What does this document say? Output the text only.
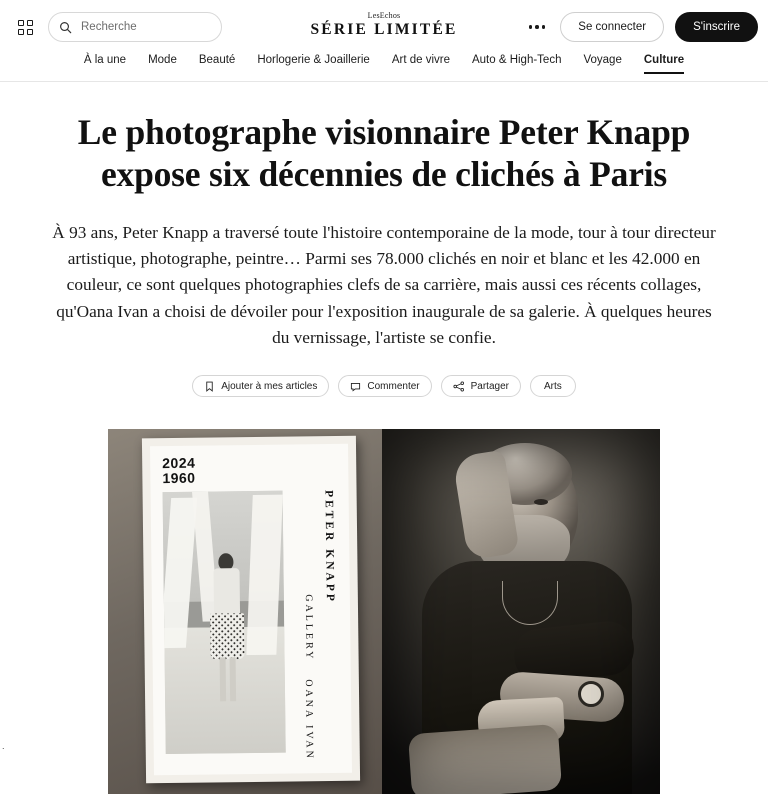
Recherche
LesEchos
SÉRIE LIMITÉE	Se connecter	S'inscrire
À la une Mode Beauté Horlogerie & Joaillerie Art de vivre Auto & High-Tech Voyage Culture
Le photographe visionnaire Peter Knapp expose six décennies de clichés à Paris

À 93 ans, Peter Knapp a traversé toute l'histoire contemporaine de la mode, tour à tour directeur artistique, photographe, peintre… Parmi ses 78.000 clichés en noir et blanc et les 42.000 en couleur, ce sont quelques photographies clefs de sa carrière, mais aussi ces récents collages, qu'Oana Ivan a choisi de dévoiler pour l'exposition inaugurale de sa galerie. À quelques heures du vernissage, l'artiste se confie.

Ajouter à mes articles	Commenter	Partager	Arts
2024
1960
PETER KNAPP
GALLERY
OANA IVAN
.
